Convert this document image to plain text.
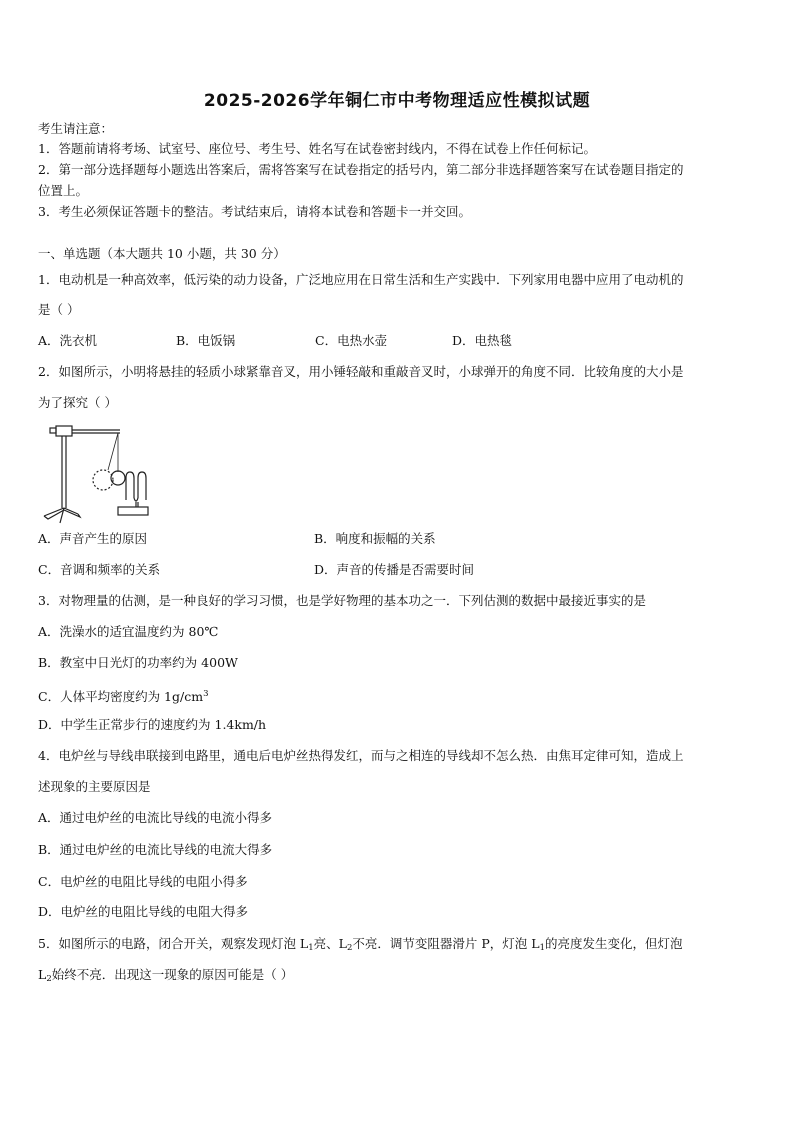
2025-2026学年铜仁市中考物理适应性模拟试题
考生请注意：
1．答题前请将考场、试室号、座位号、考生号、姓名写在试卷密封线内，不得在试卷上作任何标记。
2．第一部分选择题每小题选出答案后，需将答案写在试卷指定的括号内，第二部分非选择题答案写在试卷题目指定的
位置上。
3．考生必须保证答题卡的整洁。考试结束后，请将本试卷和答题卡一并交回。
一、单选题（本大题共 10 小题，共 30 分）
1．电动机是一种高效率，低污染的动力设备，广泛地应用在日常生活和生产实践中．下列家用电器中应用了电动机的
是（ ）
A．洗衣机	B．电饭锅	C．电热水壶	D．电热毯
2．如图所示，小明将悬挂的轻质小球紧靠音叉，用小锤轻敲和重敲音叉时，小球弹开的角度不同．比较角度的大小是
为了探究（ ）
A．声音产生的原因	B．响度和振幅的关系
C．音调和频率的关系	D．声音的传播是否需要时间
3．对物理量的估测，是一种良好的学习习惯，也是学好物理的基本功之一．下列估测的数据中最接近事实的是
A．洗澡水的适宜温度约为 80℃
B．教室中日光灯的功率约为 400W
C．人体平均密度约为 $1g/cm^3$
D．中学生正常步行的速度约为 1.4km/h
4．电炉丝与导线串联接到电路里，通电后电炉丝热得发红，而与之相连的导线却不怎么热．由焦耳定律可知，造成上
述现象的主要原因是
A．通过电炉丝的电流比导线的电流小得多
B．通过电炉丝的电流比导线的电流大得多
C．电炉丝的电阻比导线的电阻小得多
D．电炉丝的电阻比导线的电阻大得多
5．如图所示的电路，闭合开关，观察发现灯泡 $L_1$亮、$L_2$不亮．调节变阻器滑片 P，灯泡 $L_1$的亮度发生变化，但灯泡
$L_2$始终不亮．出现这一现象的原因可能是（ ）
